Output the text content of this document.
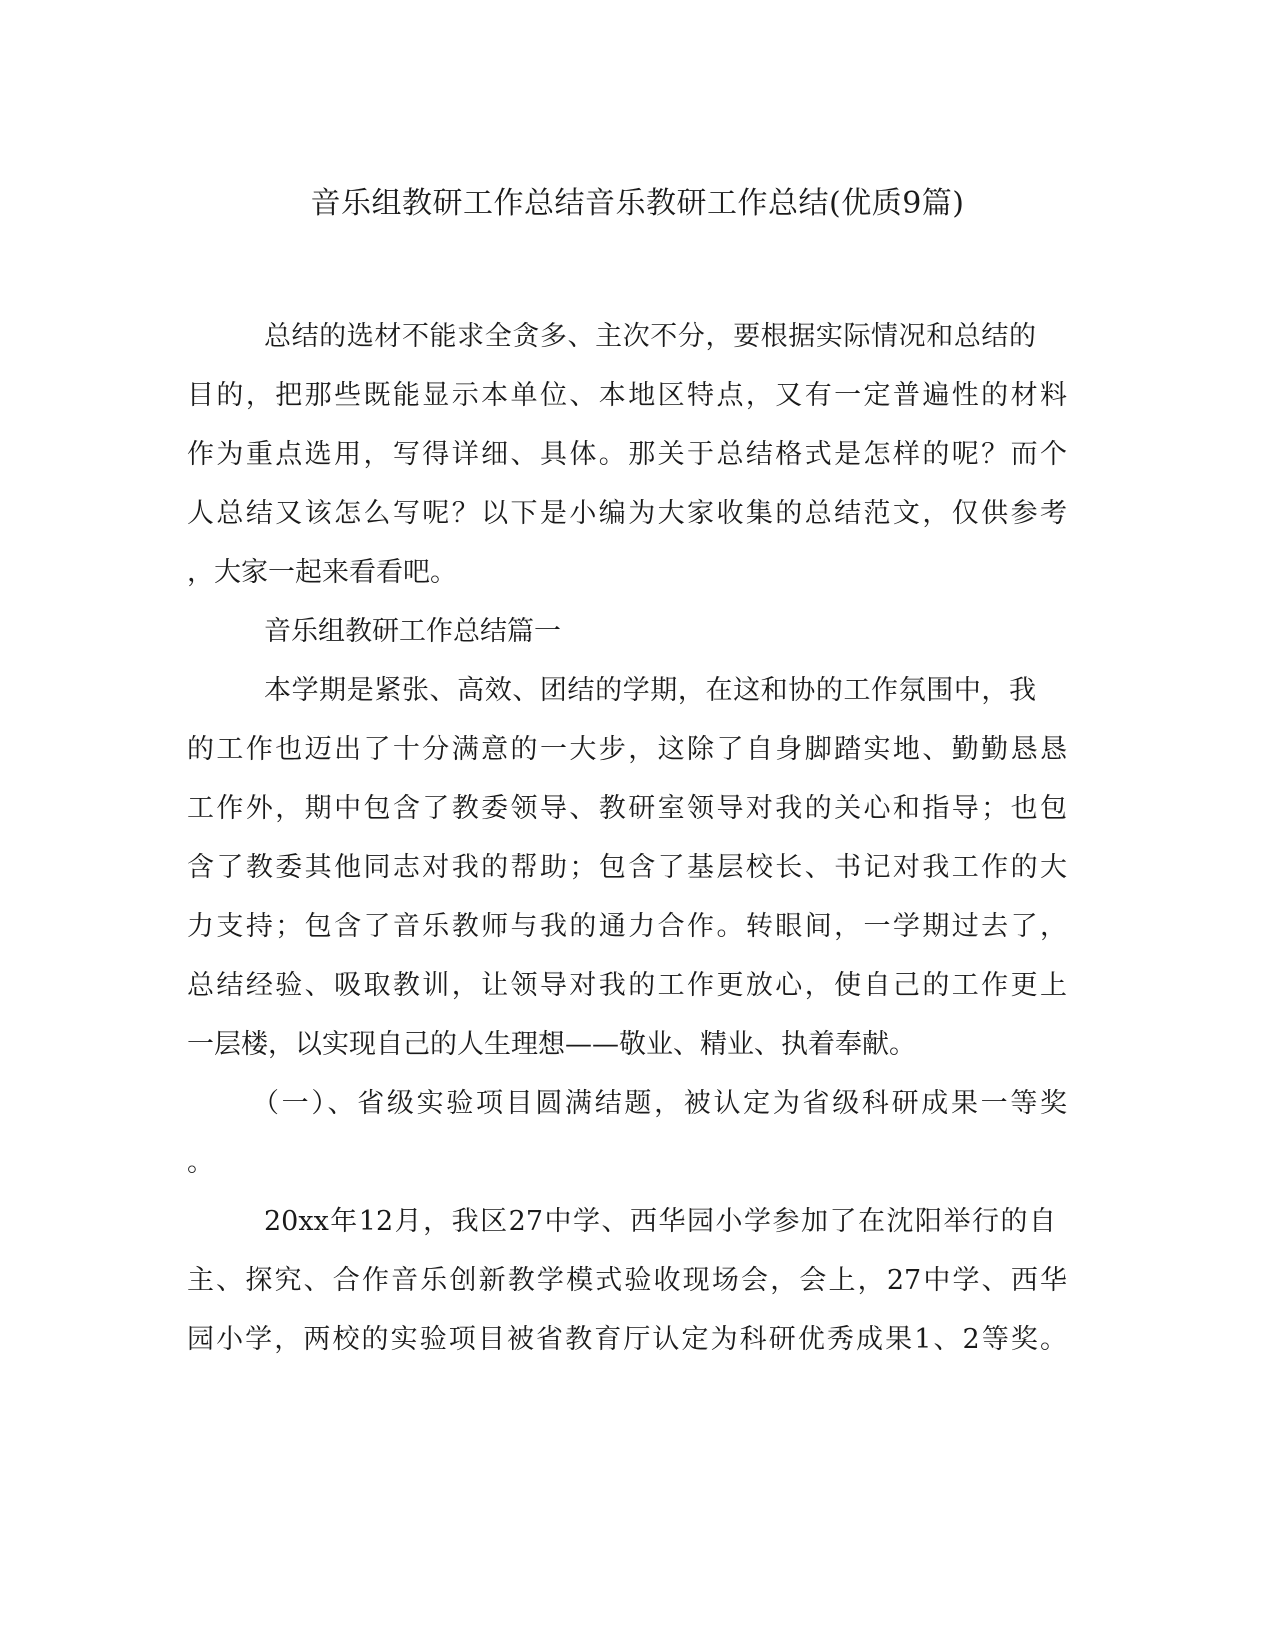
音乐组教研工作总结音乐教研工作总结(优质9篇)

总结的选材不能求全贪多、主次不分，要根据实际情况和总结的

目的，把那些既能显示本单位、本地区特点，又有一定普遍性的材料

作为重点选用，写得详细、具体。那关于总结格式是怎样的呢？而个

人总结又该怎么写呢？以下是小编为大家收集的总结范文，仅供参考

，大家一起来看看吧。

音乐组教研工作总结篇一

本学期是紧张、高效、团结的学期，在这和协的工作氛围中，我

的工作也迈出了十分满意的一大步，这除了自身脚踏实地、勤勤恳恳

工作外，期中包含了教委领导、教研室领导对我的关心和指导；也包

含了教委其他同志对我的帮助；包含了基层校长、书记对我工作的大

力支持；包含了音乐教师与我的通力合作。转眼间，一学期过去了，

总结经验、吸取教训，让领导对我的工作更放心，使自己的工作更上

一层楼，以实现自己的人生理想——敬业、精业、执着奉献。

（一）、省级实验项目圆满结题，被认定为省级科研成果一等奖

。

20xx年12月，我区27中学、西华园小学参加了在沈阳举行的自

主、探究、合作音乐创新教学模式验收现场会，会上，27中学、西华

园小学，两校的实验项目被省教育厅认定为科研优秀成果1、2等奖。
